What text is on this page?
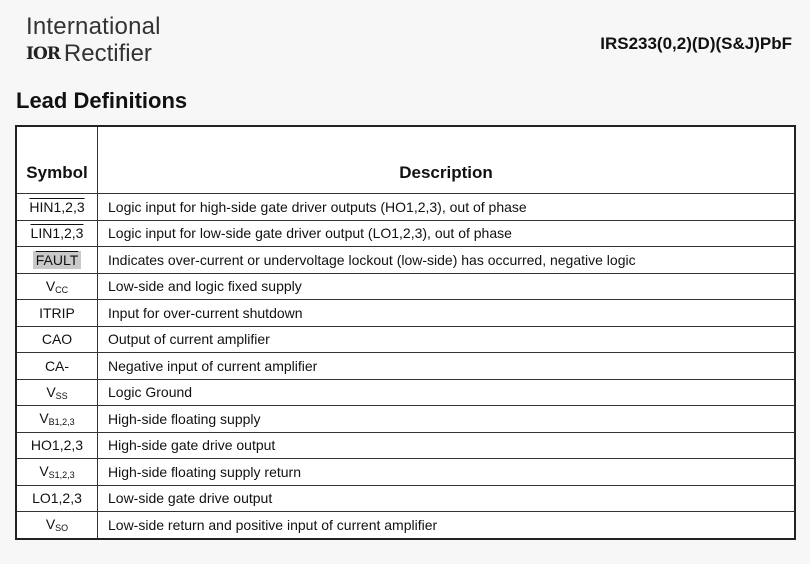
International
IOR Rectifier	IRS233(0,2)(D)(S&J)PbF
Lead Definitions
Symbol	Description
HIN1,2,3	Logic input for high-side gate driver outputs (HO1,2,3), out of phase
LIN1,2,3	Logic input for low-side gate driver output (LO1,2,3), out of phase
FAULT	Indicates over-current or undervoltage lockout (low-side) has occurred, negative logic
$V_{CC}$	Low-side and logic fixed supply
ITRIP	Input for over-current shutdown
CAO	Output of current amplifier
CA-	Negative input of current amplifier
$V_{SS}$	Logic Ground
$V_{B1,2,3}$	High-side floating supply
HO1,2,3	High-side gate drive output
$V_{S1,2,3}$	High-side floating supply return
LO1,2,3	Low-side gate drive output
$V_{SO}$	Low-side return and positive input of current amplifier
